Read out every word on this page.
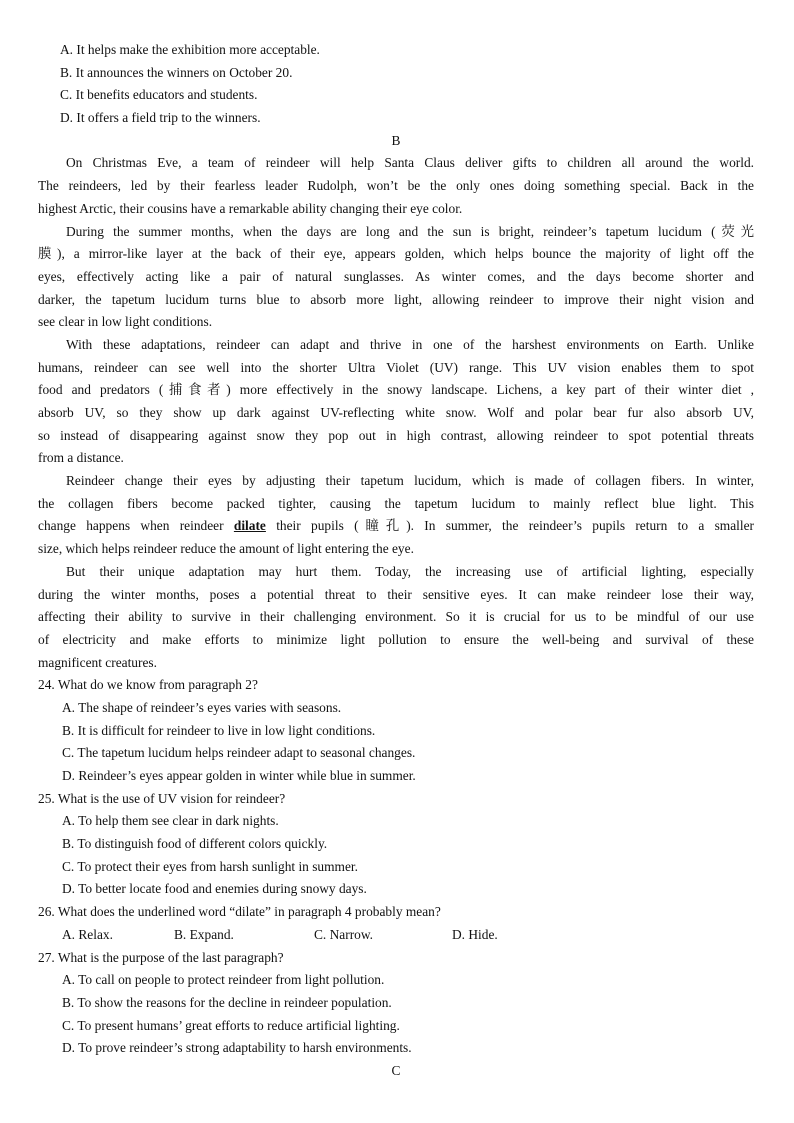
A. It helps make the exhibition more acceptable.
B. It announces the winners on October 20.
C. It benefits educators and students.
D. It offers a field trip to the winners.
B
On Christmas Eve, a team of reindeer will help Santa Claus deliver gifts to children all around the world.
The reindeers, led by their fearless leader Rudolph, won’t be the only ones doing something special. Back in the
highest Arctic, their cousins have a remarkable ability changing their eye color.
During the summer months, when the days are long and the sun is bright, reindeer’s tapetum lucidum (荧光
膜), a mirror-like layer at the back of their eye, appears golden, which helps bounce the majority of light off the
eyes, effectively acting like a pair of natural sunglasses. As winter comes, and the days become shorter and
darker, the tapetum lucidum turns blue to absorb more light, allowing reindeer to improve their night vision and
see clear in low light conditions.
With these adaptations, reindeer can adapt and thrive in one of the harshest environments on Earth. Unlike
humans, reindeer can see well into the shorter Ultra Violet (UV) range. This UV vision enables them to spot
food and predators (捕食者) more effectively in the snowy landscape. Lichens, a key part of their winter diet ,
absorb UV, so they show up dark against UV-reflecting white snow. Wolf and polar bear fur also absorb UV,
so instead of disappearing against snow they pop out in high contrast, allowing reindeer to spot potential threats
from a distance.
Reindeer change their eyes by adjusting their tapetum lucidum, which is made of collagen fibers. In winter,
the collagen fibers become packed tighter, causing the tapetum lucidum to mainly reflect blue light. This
change happens when reindeer dilate their pupils (瞳孔). In summer, the reindeer’s pupils return to a smaller
size, which helps reindeer reduce the amount of light entering the eye.
But their unique adaptation may hurt them. Today, the increasing use of artificial lighting, especially
during the winter months, poses a potential threat to their sensitive eyes. It can make reindeer lose their way,
affecting their ability to survive in their challenging environment. So it is crucial for us to be mindful of our use
of electricity and make efforts to minimize light pollution to ensure the well-being and survival of these
magnificent creatures.
24. What do we know from paragraph 2?
A. The shape of reindeer’s eyes varies with seasons.
B. It is difficult for reindeer to live in low light conditions.
C. The tapetum lucidum helps reindeer adapt to seasonal changes.
D. Reindeer’s eyes appear golden in winter while blue in summer.
25. What is the use of UV vision for reindeer?
A. To help them see clear in dark nights.
B. To distinguish food of different colors quickly.
C. To protect their eyes from harsh sunlight in summer.
D. To better locate food and enemies during snowy days.
26. What does the underlined word “dilate” in paragraph 4 probably mean?
A. Relax.	B. Expand.	C. Narrow.	D. Hide.
27. What is the purpose of the last paragraph?
A. To call on people to protect reindeer from light pollution.
B. To show the reasons for the decline in reindeer population.
C. To present humans’ great efforts to reduce artificial lighting.
D. To prove reindeer’s strong adaptability to harsh environments.
C
